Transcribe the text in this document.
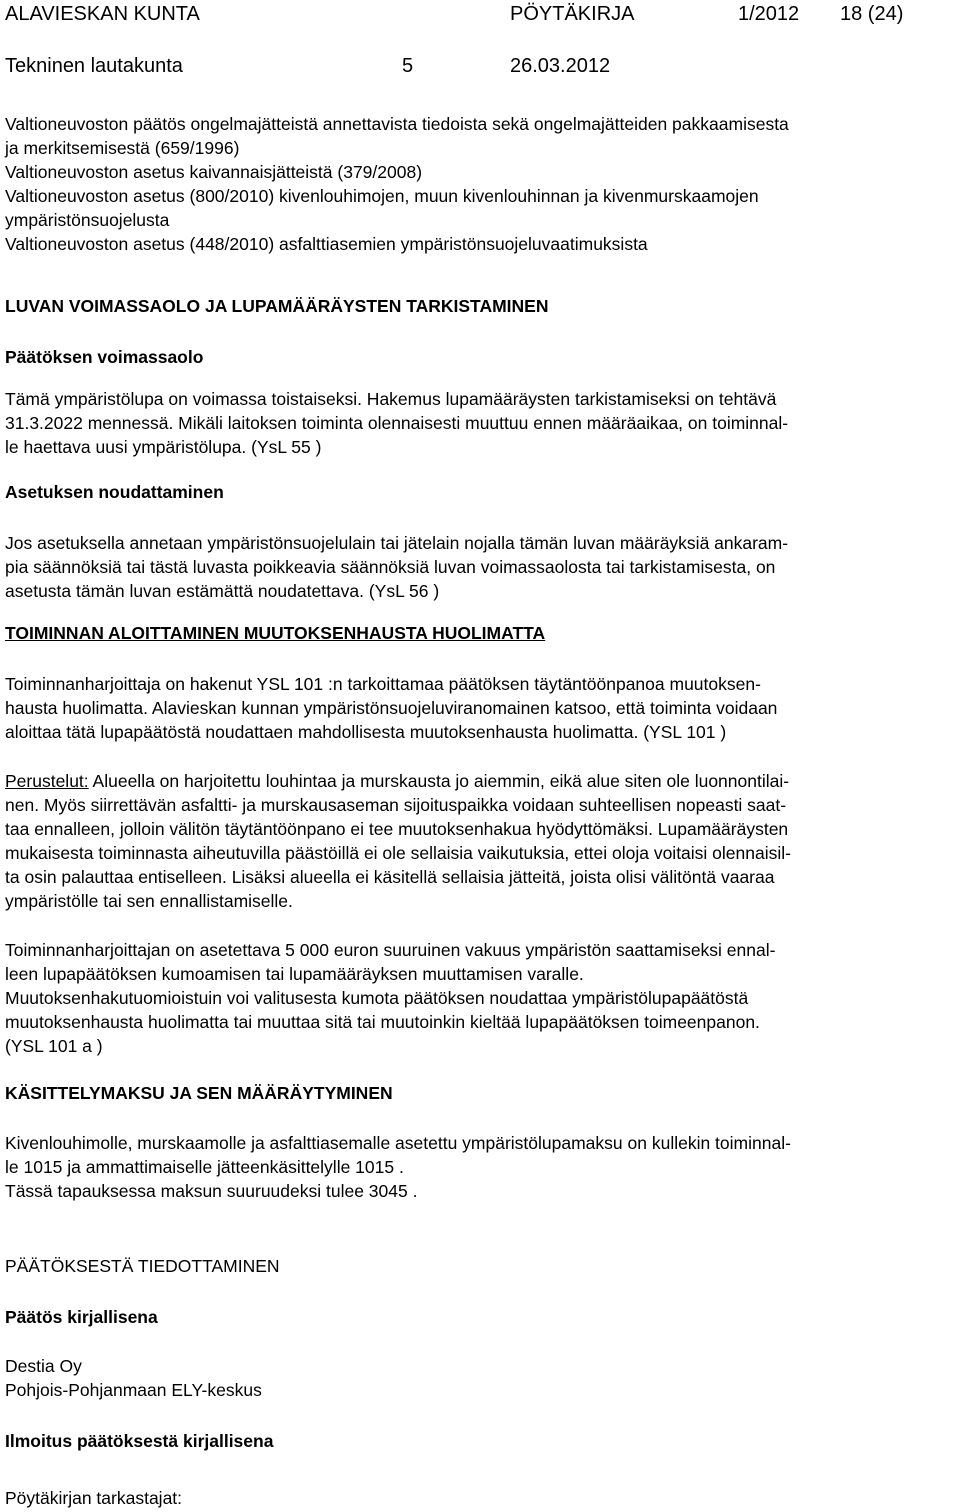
ALAVIESKAN KUNTA	PÖYTÄKIRJA	1/2012 18 (24)
Tekninen lautakunta	5	26.03.2012
Valtioneuvoston päätös ongelmajätteistä annettavista tiedoista sekä ongelmajätteiden pakkaamisesta
ja merkitsemisestä (659/1996)
Valtioneuvoston asetus kaivannaisjätteistä (379/2008)
Valtioneuvoston asetus (800/2010) kivenlouhimojen, muun kivenlouhinnan ja kivenmurskaamojen
ympäristönsuojelusta
Valtioneuvoston asetus (448/2010) asfalttiasemien ympäristönsuojeluvaatimuksista
LUVAN VOIMASSAOLO JA LUPAMÄÄRÄYSTEN TARKISTAMINEN
Päätöksen voimassaolo
Tämä ympäristölupa on voimassa toistaiseksi. Hakemus lupamääräysten tarkistamiseksi on tehtävä
31.3.2022 mennessä. Mikäli laitoksen toiminta olennaisesti muuttuu ennen määräaikaa, on toiminnal-
le haettava uusi ympäristölupa. (YsL 55 )
Asetuksen noudattaminen
Jos asetuksella annetaan ympäristönsuojelulain tai jätelain nojalla tämän luvan määräyksiä ankaram-
pia säännöksiä tai tästä luvasta poikkeavia säännöksiä luvan voimassaolosta tai tarkistamisesta, on
asetusta tämän luvan estämättä noudatettava. (YsL 56 )
TOIMINNAN ALOITTAMINEN MUUTOKSENHAUSTA HUOLIMATTA
Toiminnanharjoittaja on hakenut YSL 101 :n tarkoittamaa päätöksen täytäntöönpanoa muutoksen-
hausta huolimatta. Alavieskan kunnan ympäristönsuojeluviranomainen katsoo, että toiminta voidaan
aloittaa tätä lupapäätöstä noudattaen mahdollisesta muutoksenhausta huolimatta. (YSL 101 )
Perustelut: Alueella on harjoitettu louhintaa ja murskausta jo aiemmin, eikä alue siten ole luonnontilai-
nen. Myös siirrettävän asfaltti- ja murskausaseman sijoituspaikka voidaan suhteellisen nopeasti saat-
taa ennalleen, jolloin välitön täytäntöönpano ei tee muutoksenhakua hyödyttömäksi. Lupamääräysten
mukaisesta toiminnasta aiheutuvilla päästöillä ei ole sellaisia vaikutuksia, ettei oloja voitaisi olennaisil-
ta osin palauttaa entiselleen. Lisäksi alueella ei käsitellä sellaisia jätteitä, joista olisi välitöntä vaaraa
ympäristölle tai sen ennallistamiselle.
Toiminnanharjoittajan on asetettava 5 000 euron suuruinen vakuus ympäristön saattamiseksi ennal-
leen lupapäätöksen kumoamisen tai lupamääräyksen muuttamisen varalle.
Muutoksenhakutuomioistuin voi valitusesta kumota päätöksen noudattaa ympäristölupapäätöstä
muutoksenhausta huolimatta tai muuttaa sitä tai muutoinkin kieltää lupapäätöksen toimeenpanon.
(YSL 101 a )
KÄSITTELYMAKSU JA SEN MÄÄRÄYTYMINEN
Kivenlouhimolle, murskaamolle ja asfalttiasemalle asetettu ympäristölupamaksu on kullekin toiminnal-
le 1015 ja ammattimaiselle jätteenkäsittelylle 1015 .
Tässä tapauksessa maksun suuruudeksi tulee 3045 .
PÄÄTÖKSESTÄ TIEDOTTAMINEN
Päätös kirjallisena
Destia Oy
Pohjois-Pohjanmaan ELY-keskus
Ilmoitus päätöksestä kirjallisena
Pöytäkirjan tarkastajat:
